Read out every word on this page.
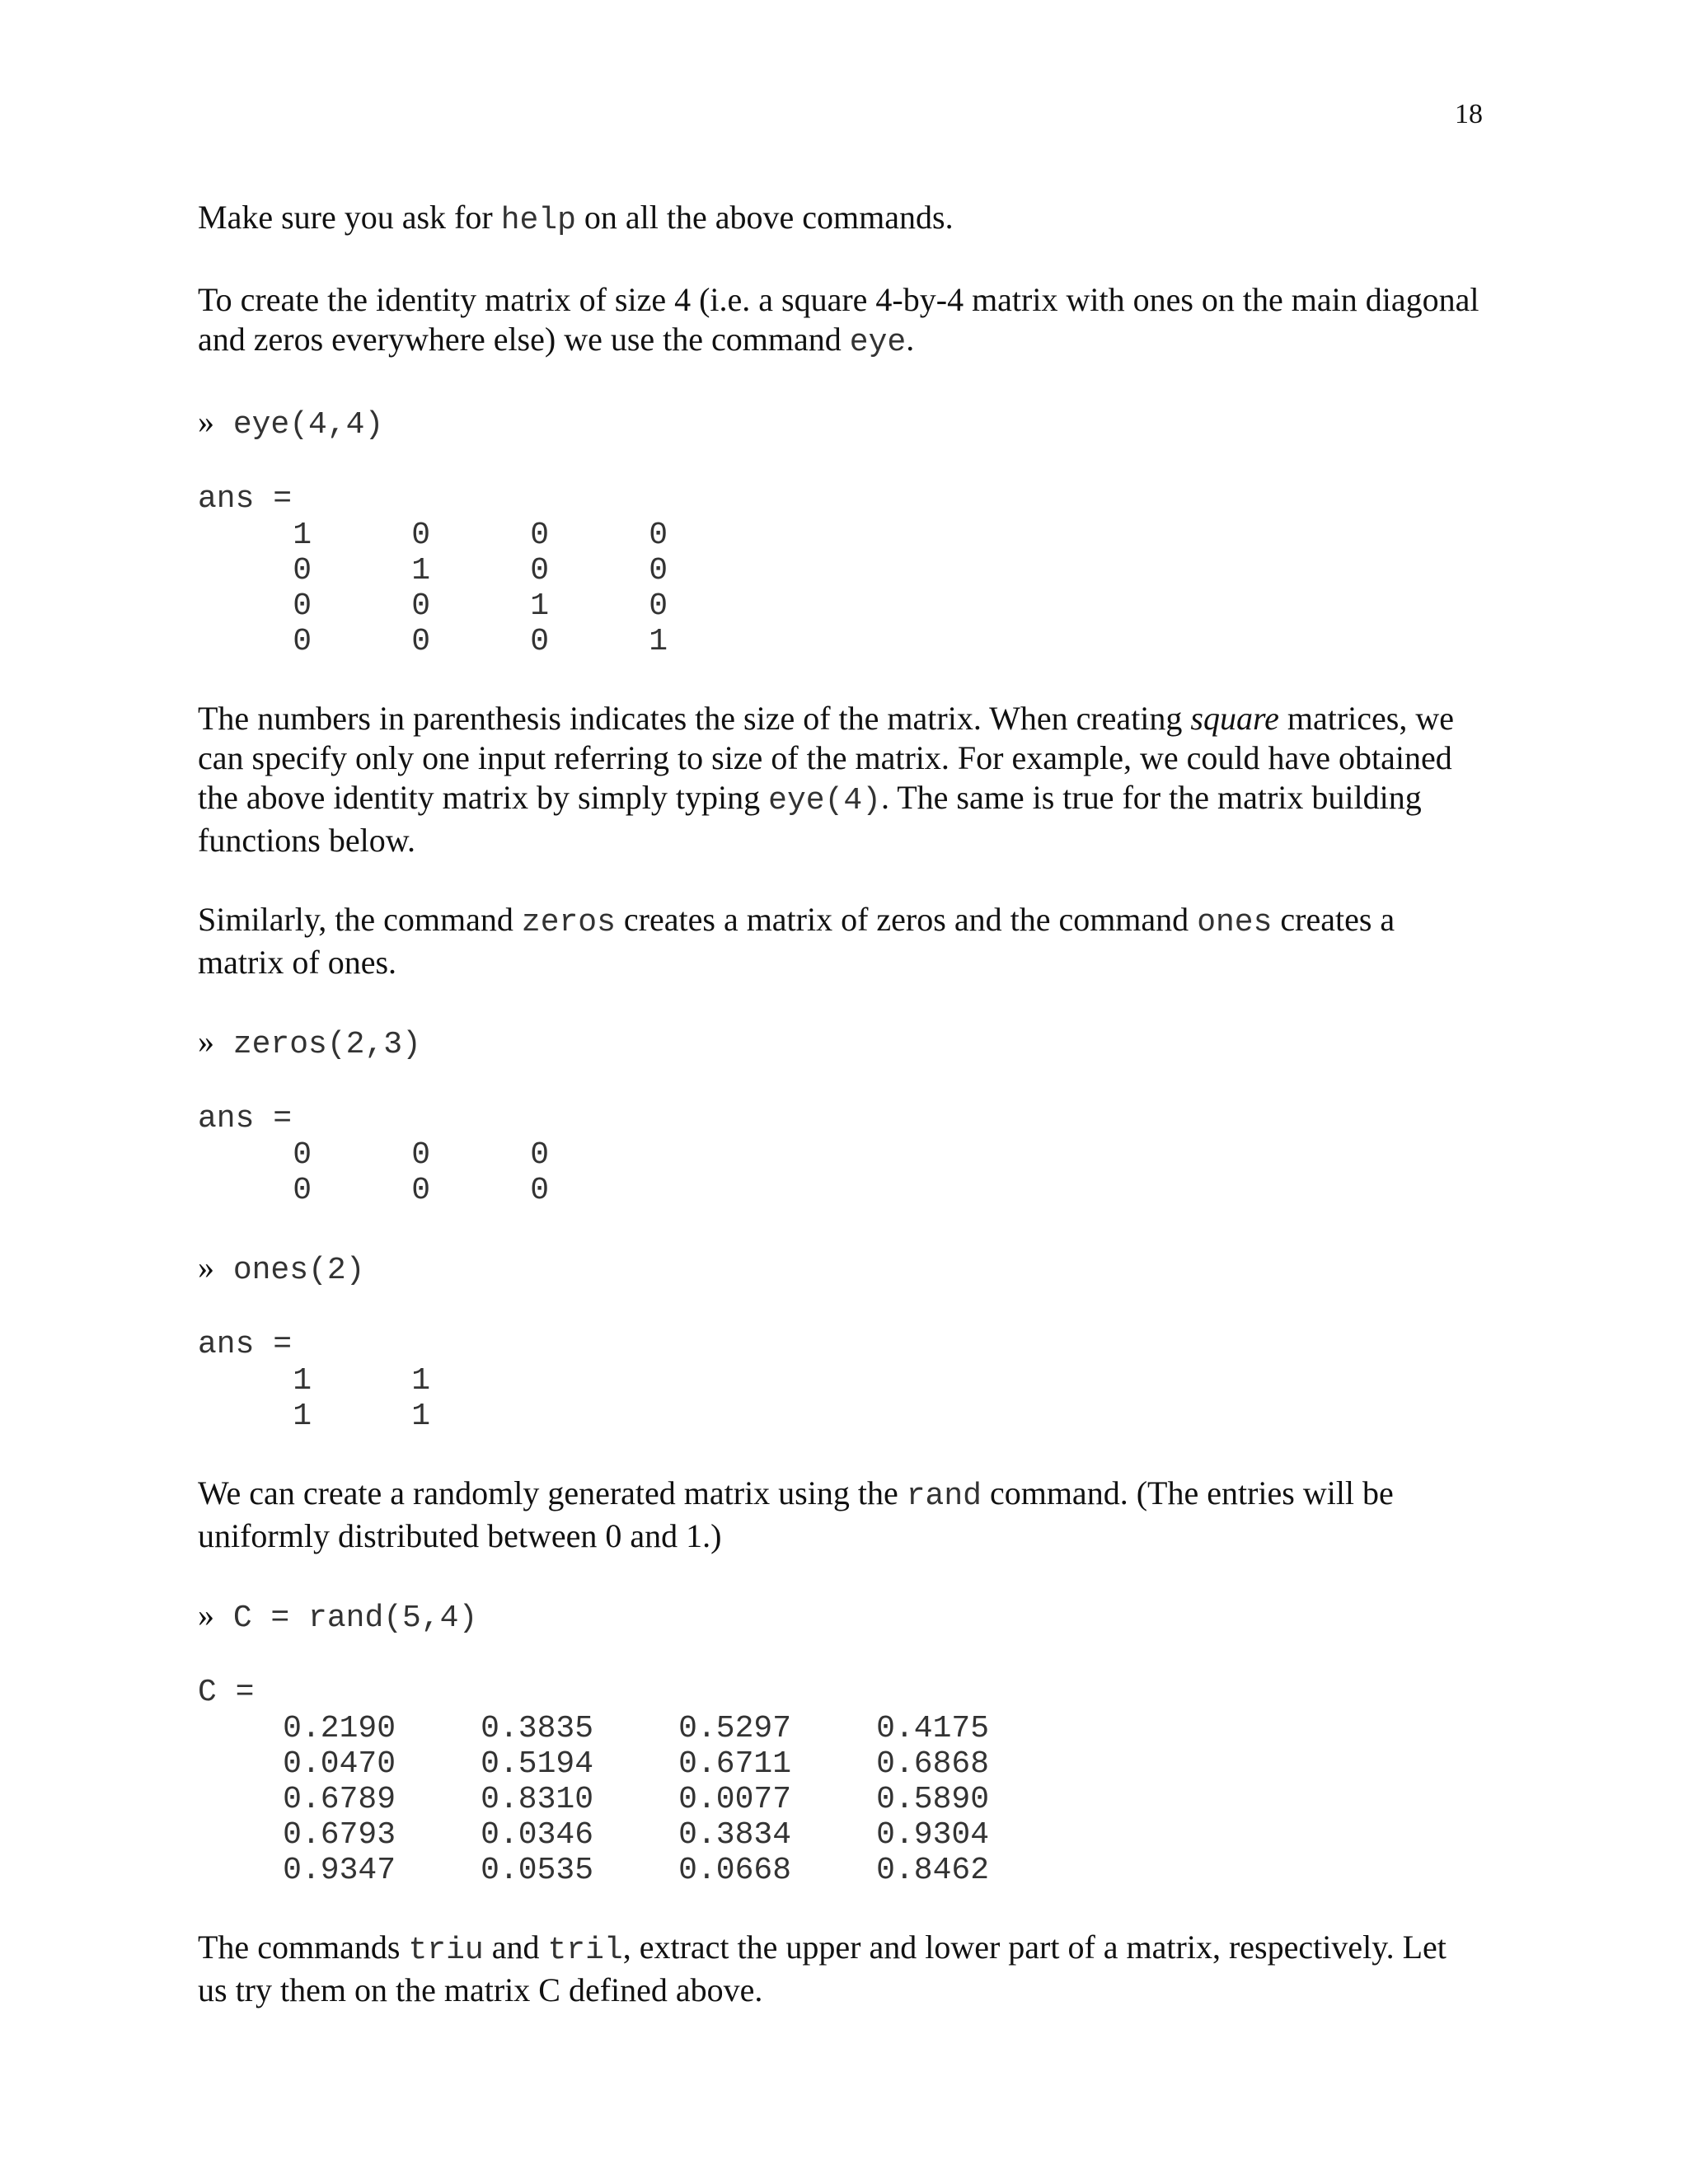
18

Make sure you ask for help on all the above commands.

To create the identity matrix of size 4 (i.e. a square 4-by-4 matrix with ones on the main diagonal
and zeros everywhere else) we use the command eye.

» eye(4,4)

ans =

1	0	0	0
0	1	0	0
0	0	1	0
0	0	0	1

The numbers in parenthesis indicates the size of the matrix. When creating square matrices, we
can specify only one input referring to size of the matrix. For example, we could have obtained
the above identity matrix by simply typing eye(4). The same is true for the matrix building
functions below.

Similarly, the command zeros creates a matrix of zeros and the command ones creates a
matrix of ones.

» zeros(2,3)

ans =

0	0	0
0	0	0

» ones(2)

ans =

1	1
1	1

We can create a randomly generated matrix using the rand command. (The entries will be
uniformly distributed between 0 and 1.)

» C = rand(5,4)

C =

0.2190	0.3835	0.5297	0.4175
0.0470	0.5194	0.6711	0.6868
0.6789	0.8310	0.0077	0.5890
0.6793	0.0346	0.3834	0.9304
0.9347	0.0535	0.0668	0.8462

The commands triu and tril, extract the upper and lower part of a matrix, respectively. Let
us try them on the matrix C defined above.
